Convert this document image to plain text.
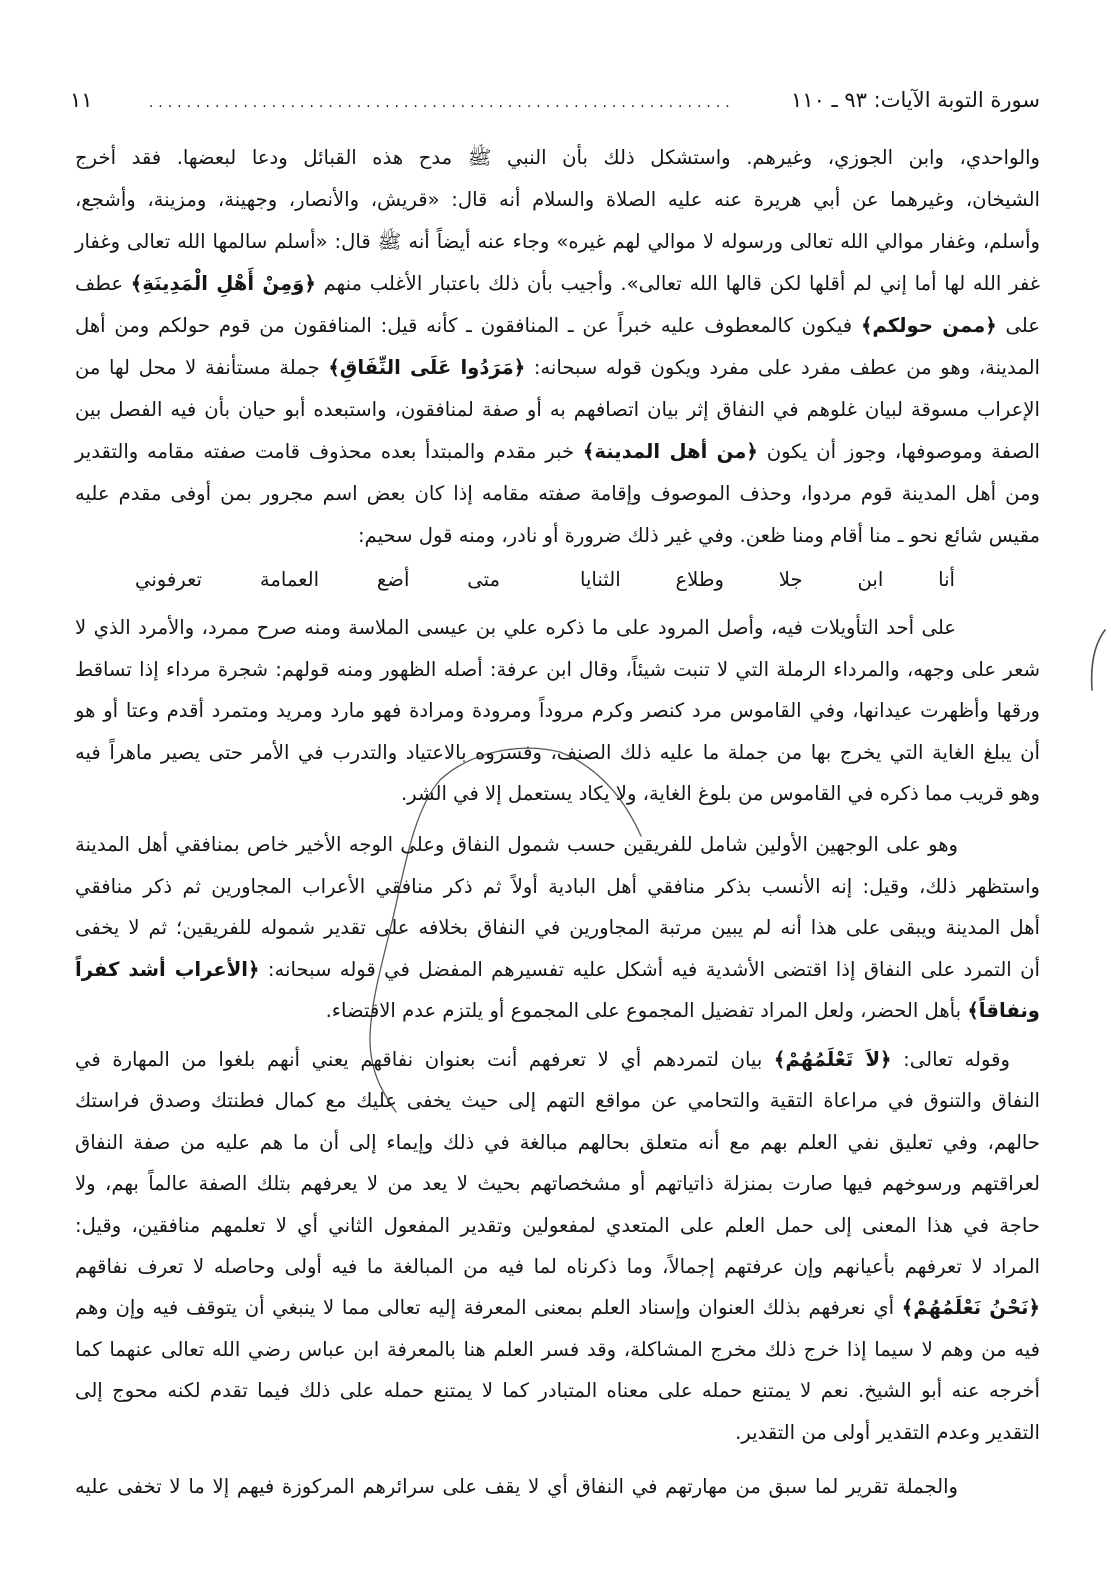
سورة التوبة الآيات: ٩٣ ـ ١١٠
..............................................................
١١
والواحدي، وابن الجوزي، وغيرهم. واستشكل ذلك بأن النبي ﷺ مدح هذه القبائل ودعا لبعضها. فقد أخرج
الشيخان، وغيرهما عن أبي هريرة عنه عليه الصلاة والسلام أنه قال: «قريش، والأنصار، وجهينة، ومزينة، وأشجع،
وأسلم، وغفار موالي الله تعالى ورسوله لا موالي لهم غيره» وجاء عنه أيضاً أنه ﷺ قال: «أسلم سالمها الله تعالى وغفار
غفر الله لها أما إني لم أقلها لكن قالها الله تعالى». وأجيب بأن ذلك باعتبار الأغلب منهم ﴿وَمِنْ أَهْلِ الْمَدِينَةِ﴾ عطف
على ﴿ممن حولكم﴾ فيكون كالمعطوف عليه خبراً عن ـ المنافقون ـ كأنه قيل: المنافقون من قوم حولكم ومن أهل
المدينة، وهو من عطف مفرد على مفرد ويكون قوله سبحانه: ﴿مَرَدُوا عَلَى النِّفَاقِ﴾ جملة مستأنفة لا محل لها من
الإعراب مسوقة لبيان غلوهم في النفاق إثر بيان اتصافهم به أو صفة لمنافقون، واستبعده أبو حيان بأن فيه الفصل بين
الصفة وموصوفها، وجوز أن يكون ﴿من أهل المدينة﴾ خبر مقدم والمبتدأ بعده محذوف قامت صفته مقامه والتقدير
ومن أهل المدينة قوم مردوا، وحذف الموصوف وإقامة صفته مقامه إذا كان بعض اسم مجرور بمن أوفى مقدم عليه
مقيس شائع نحو ـ منا أقام ومنا ظعن. وفي غير ذلك ضرورة أو نادر، ومنه قول سحيم:
أنا ابن جلا وطلاع الثنايا
متى أضع العمامة تعرفوني
على أحد التأويلات فيه، وأصل المرود على ما ذكره علي بن عيسى الملاسة ومنه صرح ممرد، والأمرد الذي لا
شعر على وجهه، والمرداء الرملة التي لا تنبت شيئاً، وقال ابن عرفة: أصله الظهور ومنه قولهم: شجرة مرداء إذا تساقط
ورقها وأظهرت عيدانها، وفي القاموس مرد كنصر وكرم مروداً ومرودة ومرادة فهو مارد ومريد ومتمرد أقدم وعتا أو هو
أن يبلغ الغاية التي يخرج بها من جملة ما عليه ذلك الصنف، وفسروه بالاعتياد والتدرب في الأمر حتى يصير ماهراً فيه
وهو قريب مما ذكره في القاموس من بلوغ الغاية، ولا يكاد يستعمل إلا في الشر.
وهو على الوجهين الأولين شامل للفريقين حسب شمول النفاق وعلى الوجه الأخير خاص بمنافقي أهل المدينة
واستظهر ذلك، وقيل: إنه الأنسب بذكر منافقي أهل البادية أولاً ثم ذكر منافقي الأعراب المجاورين ثم ذكر منافقي
أهل المدينة ويبقى على هذا أنه لم يبين مرتبة المجاورين في النفاق بخلافه على تقدير شموله للفريقين؛ ثم لا يخفى
أن التمرد على النفاق إذا اقتضى الأشدية فيه أشكل عليه تفسيرهم المفضل في قوله سبحانه: ﴿الأعراب أشد كفراً
ونفاقاً﴾ بأهل الحضر، ولعل المراد تفضيل المجموع على المجموع أو يلتزم عدم الاقتضاء.
وقوله تعالى: ﴿لاَ تَعْلَمُهُمْ﴾ بيان لتمردهم أي لا تعرفهم أنت بعنوان نفاقهم يعني أنهم بلغوا من المهارة في
النفاق والتنوق في مراعاة التقية والتحامي عن مواقع التهم إلى حيث يخفى عليك مع كمال فطنتك وصدق فراستك
حالهم، وفي تعليق نفي العلم بهم مع أنه متعلق بحالهم مبالغة في ذلك وإيماء إلى أن ما هم عليه من صفة النفاق
لعراقتهم ورسوخهم فيها صارت بمنزلة ذاتياتهم أو مشخصاتهم بحيث لا يعد من لا يعرفهم بتلك الصفة عالماً بهم، ولا
حاجة في هذا المعنى إلى حمل العلم على المتعدي لمفعولين وتقدير المفعول الثاني أي لا تعلمهم منافقين، وقيل:
المراد لا تعرفهم بأعيانهم وإن عرفتهم إجمالاً، وما ذكرناه لما فيه من المبالغة ما فيه أولى وحاصله لا تعرف نفاقهم
﴿نَحْنُ نَعْلَمُهُمْ﴾ أي نعرفهم بذلك العنوان وإسناد العلم بمعنى المعرفة إليه تعالى مما لا ينبغي أن يتوقف فيه وإن وهم
فيه من وهم لا سيما إذا خرج ذلك مخرج المشاكلة، وقد فسر العلم هنا بالمعرفة ابن عباس رضي الله تعالى عنهما كما
أخرجه عنه أبو الشيخ. نعم لا يمتنع حمله على معناه المتبادر كما لا يمتنع حمله على ذلك فيما تقدم لكنه محوج إلى
التقدير وعدم التقدير أولى من التقدير.
والجملة تقرير لما سبق من مهارتهم في النفاق أي لا يقف على سرائرهم المركوزة فيهم إلا ما لا تخفى عليه
